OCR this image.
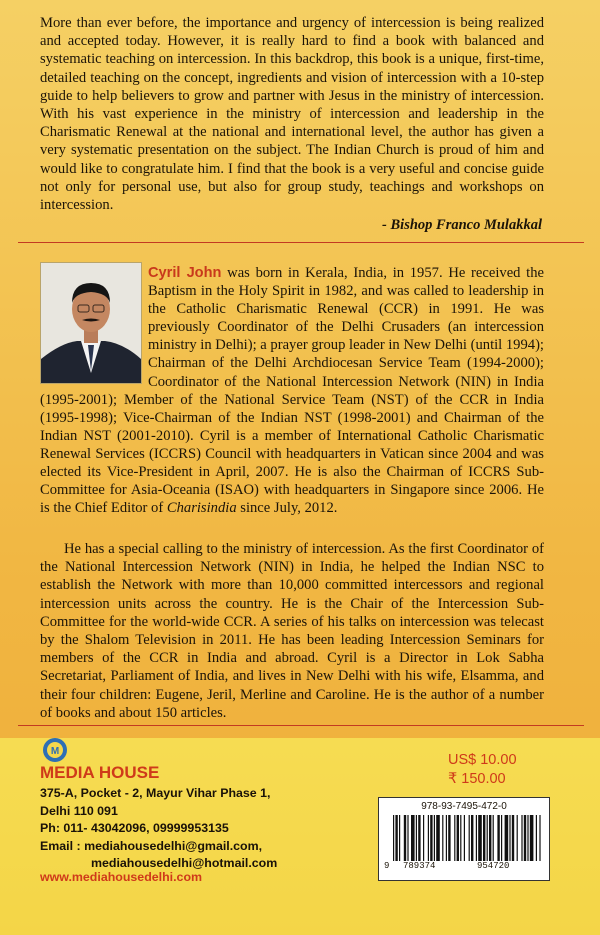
More than ever before, the importance and urgency of intercession is being realized and accepted today. However, it is really hard to find a book with balanced and systematic teaching on intercession. In this backdrop, this book is a unique, first-time, detailed teaching on the concept, ingredients and vision of intercession with a 10-step guide to help believers to grow and partner with Jesus in the ministry of intercession. With his vast experience in the ministry of intercession and leadership in the Charismatic Renewal at the national and international level, the author has given a very systematic presentation on the subject. The Indian Church is proud of him and would like to congratulate him. I find that the book is a very useful and concise guide not only for personal use, but also for group study, teachings and workshops on intercession.

- Bishop Franco Mulakkal
Cyril John was born in Kerala, India, in 1957. He received the Baptism in the Holy Spirit in 1982, and was called to leadership in the Catholic Charismatic Renewal (CCR) in 1991. He was previously Coordinator of the Delhi Crusaders (an intercession ministry in Delhi); a prayer group leader in New Delhi (until 1994); Chairman of the Delhi Archdiocesan Service Team (1994-2000); Coordinator of the National Intercession Network (NIN) in India (1995-2001); Member of the National Service Team (NST) of the CCR in India (1995-1998); Vice-Chairman of the Indian NST (1998-2001) and Chairman of the Indian NST (2001-2010). Cyril is a member of International Catholic Charismatic Renewal Services (ICCRS) Council with headquarters in Vatican since 2004 and was elected its Vice-President in April, 2007. He is also the Chairman of ICCRS Sub-Committee for Asia-Oceania (ISAO) with headquarters in Singapore since 2006. He is the Chief Editor of Charisindia since July, 2012.

He has a special calling to the ministry of intercession. As the first Coordinator of the National Intercession Network (NIN) in India, he helped the Indian NSC to establish the Network with more than 10,000 committed intercessors and regional intercession units across the country. He is the Chair of the Intercession Sub-Committee for the world-wide CCR. A series of his talks on intercession was telecast by the Shalom Television in 2011. He has been leading Intercession Seminars for members of the CCR in India and abroad. Cyril is a Director in Lok Sabha Secretariat, Parliament of India, and lives in New Delhi with his wife, Elsamma, and their four children: Eugene, Jeril, Merline and Caroline. He is the author of a number of books and about 150 articles.

M
MEDIA HOUSE
375-A, Pocket - 2, Mayur Vihar Phase 1,
Delhi 110 091
Ph: 011- 43042096, 09999953135
Email : mediahousedelhi@gmail.com,
mediahousedelhi@hotmail.com
www.mediahousedelhi.com
US$ 10.00
₹ 150.00
978-93-7495-472-0
9 789374	954720
